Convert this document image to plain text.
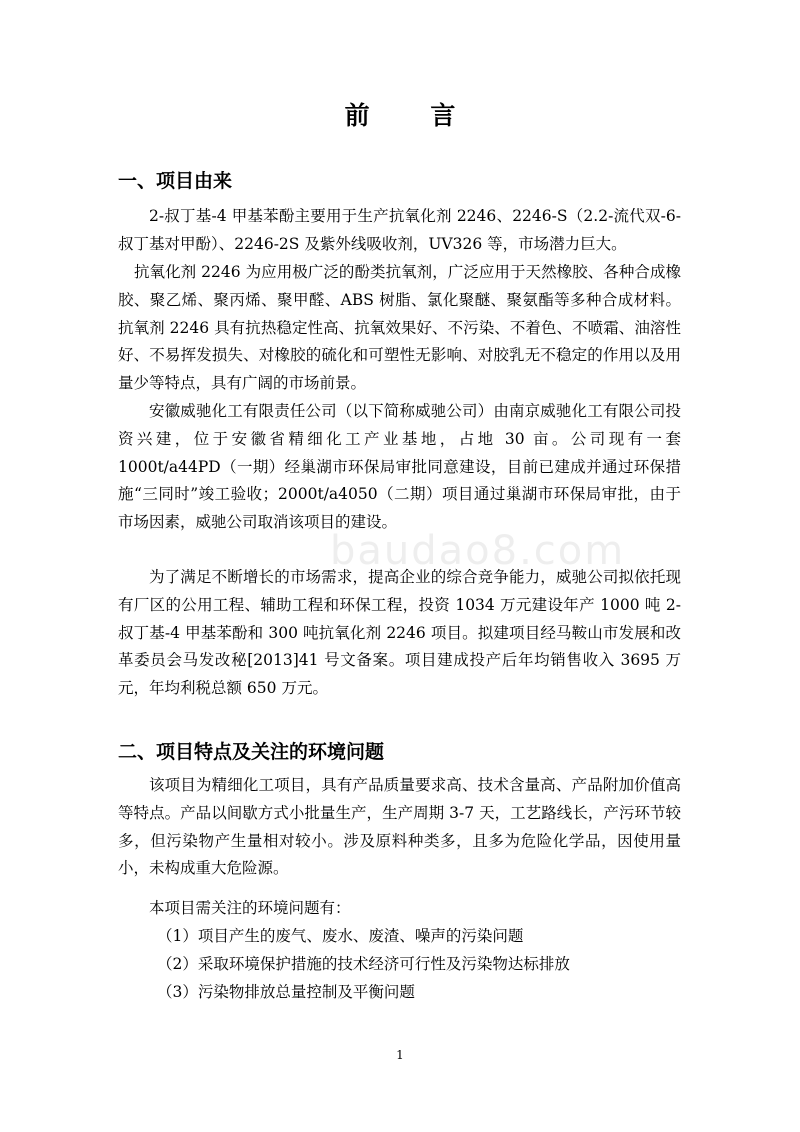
前 言
一、项目由来

2-叔丁基-4 甲基苯酚主要用于生产抗氧化剂 2246、2246-S（2.2-流代双-6-叔丁基对甲酚）、2246-2S 及紫外线吸收剂，UV326 等，市场潜力巨大。

抗氧化剂 2246 为应用极广泛的酚类抗氧剂，广泛应用于天然橡胶、各种合成橡胶、聚乙烯、聚丙烯、聚甲醛、ABS 树脂、氯化聚醚、聚氨酯等多种合成材料。抗氧剂 2246 具有抗热稳定性高、抗氧效果好、不污染、不着色、不喷霜、油溶性好、不易挥发损失、对橡胶的硫化和可塑性无影响、对胶乳无不稳定的作用以及用量少等特点，具有广阔的市场前景。

安徽威驰化工有限责任公司（以下简称威驰公司）由南京威驰化工有限公司投资兴建，位于安徽省精细化工产业基地，占地 30 亩。公司现有一套 1000t/a44PD（一期）经巢湖市环保局审批同意建设，目前已建成并通过环保措施“三同时”竣工验收；2000t/a4050（二期）项目通过巢湖市环保局审批，由于市场因素，威驰公司取消该项目的建设。

为了满足不断增长的市场需求，提高企业的综合竞争能力，威驰公司拟依托现有厂区的公用工程、辅助工程和环保工程，投资 1034 万元建设年产 1000 吨 2-叔丁基-4 甲基苯酚和 300 吨抗氧化剂 2246 项目。拟建项目经马鞍山市发展和改革委员会马发改秘[2013]41 号文备案。项目建成投产后年均销售收入 3695 万元，年均利税总额 650 万元。

二、项目特点及关注的环境问题

该项目为精细化工项目，具有产品质量要求高、技术含量高、产品附加价值高等特点。产品以间歇方式小批量生产，生产周期 3-7 天，工艺路线长，产污环节较多，但污染物产生量相对较小。涉及原料种类多，且多为危险化学品，因使用量小，未构成重大危险源。

本项目需关注的环境问题有：
（1）项目产生的废气、废水、废渣、噪声的污染问题
（2）采取环境保护措施的技术经济可行性及污染物达标排放
（3）污染物排放总量控制及平衡问题
baudao8.com
1
